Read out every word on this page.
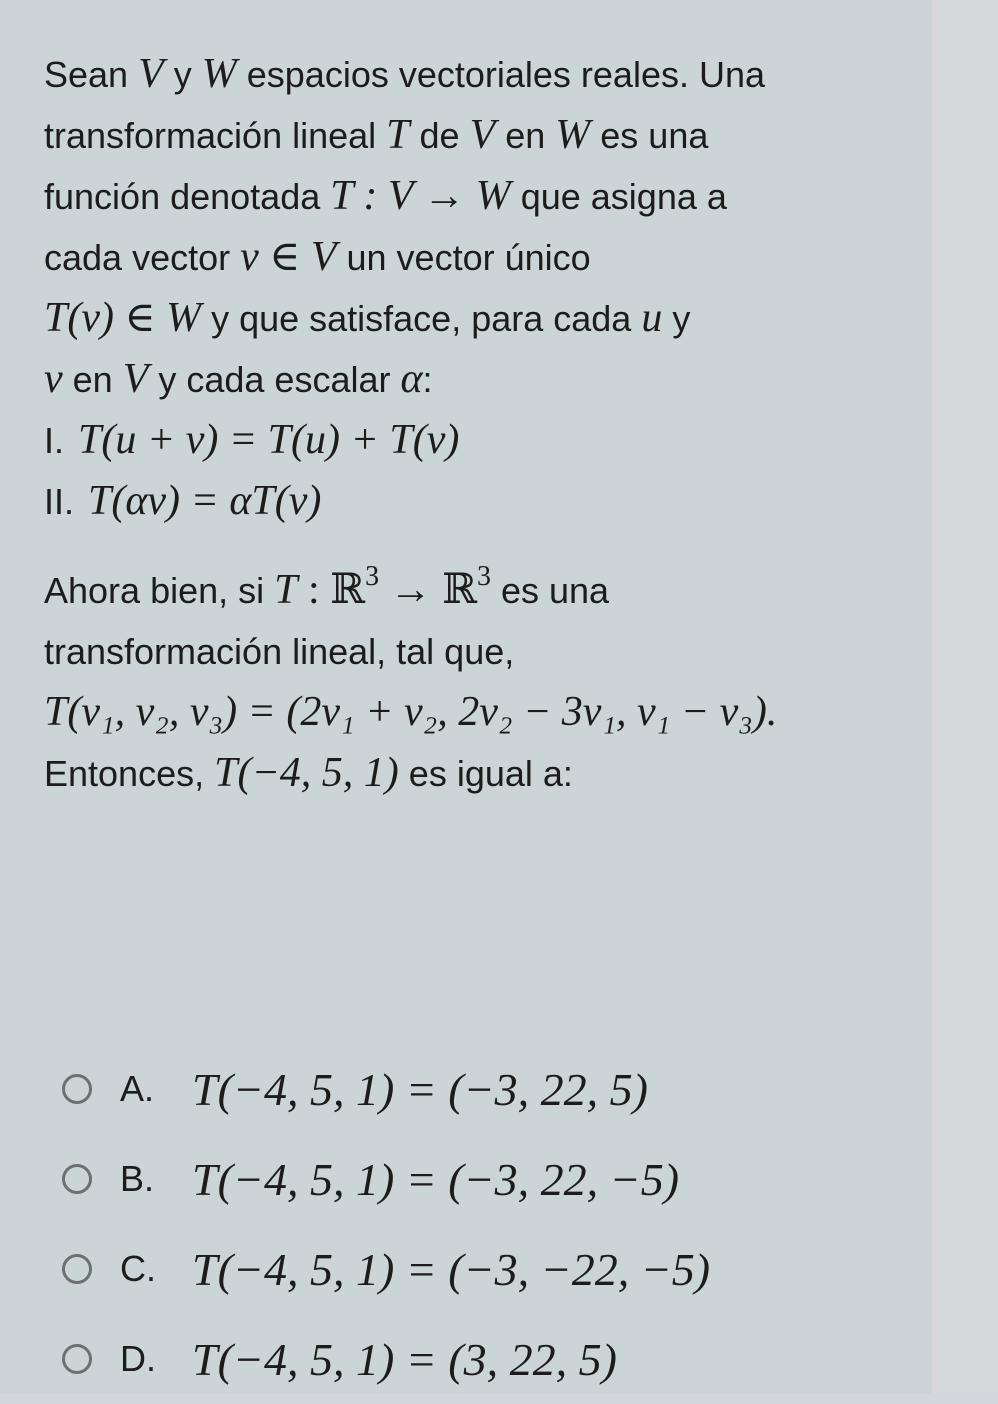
Sean V y W espacios vectoriales reales. Una
transformación lineal T de V en W es una
función denotada T : V → W que asigna a
cada vector v ∈ V un vector único
T(v) ∈ W y que satisface, para cada u y
v en V y cada escalar α:
I. T(u + v) = T(u) + T(v)
II. T(αv) = αT(v)
Ahora bien, si T : ℝ$^3$ → ℝ$^3$ es una
transformación lineal, tal que,
T(v₁, v₂, v₃) = (2v₁ + v₂, 2v₂ − 3v₁, v₁ − v₃).
Entonces, T(−4, 5, 1) es igual a:
A. T(−4, 5, 1) = (−3, 22, 5)
B. T(−4, 5, 1) = (−3, 22, −5)
C. T(−4, 5, 1) = (−3, −22, −5)
D. T(−4, 5, 1) = (3, 22, 5)
